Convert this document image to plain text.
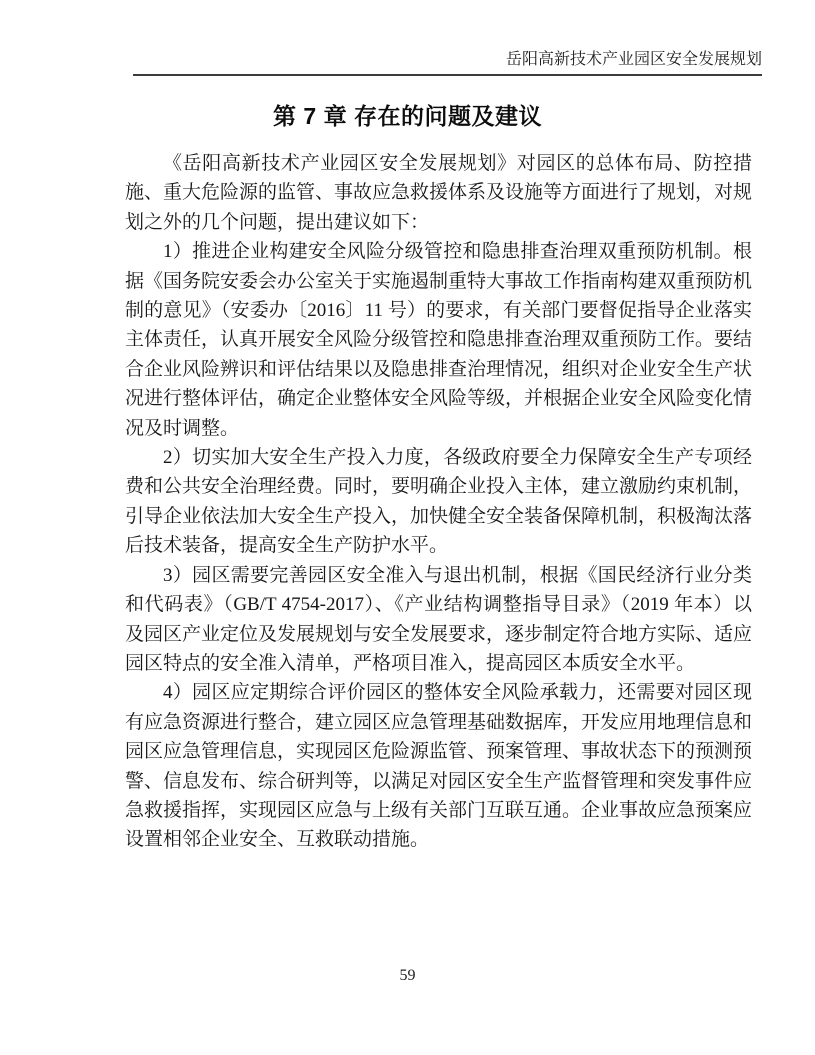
岳阳高新技术产业园区安全发展规划
第 7 章 存在的问题及建议

《岳阳高新技术产业园区安全发展规划》对园区的总体布局、防控措施、重大危险源的监管、事故应急救援体系及设施等方面进行了规划，对规划之外的几个问题，提出建议如下：

1）推进企业构建安全风险分级管控和隐患排查治理双重预防机制。根据《国务院安委会办公室关于实施遏制重特大事故工作指南构建双重预防机制的意见》（安委办〔2016〕11 号）的要求，有关部门要督促指导企业落实主体责任，认真开展安全风险分级管控和隐患排查治理双重预防工作。要结合企业风险辨识和评估结果以及隐患排查治理情况，组织对企业安全生产状况进行整体评估，确定企业整体安全风险等级，并根据企业安全风险变化情况及时调整。

2）切实加大安全生产投入力度，各级政府要全力保障安全生产专项经费和公共安全治理经费。同时，要明确企业投入主体，建立激励约束机制，引导企业依法加大安全生产投入，加快健全安全装备保障机制，积极淘汰落后技术装备，提高安全生产防护水平。

3）园区需要完善园区安全准入与退出机制，根据《国民经济行业分类和代码表》（GB/T 4754-2017）、《产业结构调整指导目录》（2019 年本）以及园区产业定位及发展规划与安全发展要求，逐步制定符合地方实际、适应园区特点的安全准入清单，严格项目准入，提高园区本质安全水平。

4）园区应定期综合评价园区的整体安全风险承载力，还需要对园区现有应急资源进行整合，建立园区应急管理基础数据库，开发应用地理信息和园区应急管理信息，实现园区危险源监管、预案管理、事故状态下的预测预警、信息发布、综合研判等，以满足对园区安全生产监督管理和突发事件应急救援指挥，实现园区应急与上级有关部门互联互通。企业事故应急预案应设置相邻企业安全、互救联动措施。

59
